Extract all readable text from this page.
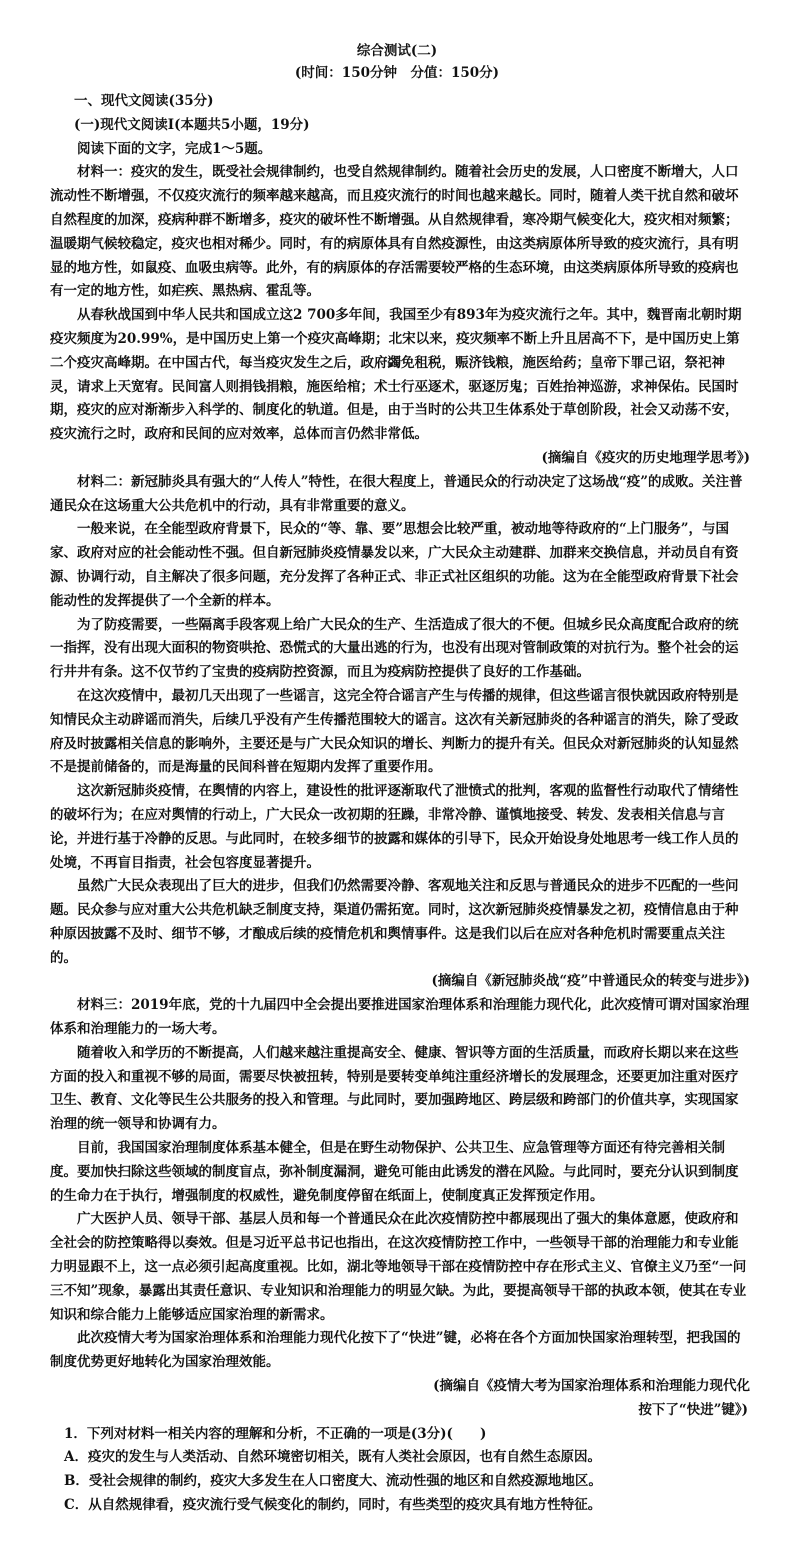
综合测试(二)
(时间：150分钟　分值：150分)

一、现代文阅读(35分)

(一)现代文阅读Ⅰ(本题共5小题，19分)

阅读下面的文字，完成1～5题。

材料一：疫灾的发生，既受社会规律制约，也受自然规律制约。随着社会历史的发展，人口密度不断增大，人口流动性不断增强，不仅疫灾流行的频率越来越高，而且疫灾流行的时间也越来越长。同时，随着人类干扰自然和破坏自然程度的加深，疫病种群不断增多，疫灾的破坏性不断增强。从自然规律看，寒冷期气候变化大，疫灾相对频繁；温暖期气候较稳定，疫灾也相对稀少。同时，有的病原体具有自然疫源性，由这类病原体所导致的疫灾流行，具有明显的地方性，如鼠疫、血吸虫病等。此外，有的病原体的存活需要较严格的生态环境，由这类病原体所导致的疫病也有一定的地方性，如疟疾、黑热病、霍乱等。

从春秋战国到中华人民共和国成立这2 700多年间，我国至少有893年为疫灾流行之年。其中，魏晋南北朝时期疫灾频度为20.99%，是中国历史上第一个疫灾高峰期；北宋以来，疫灾频率不断上升且居高不下，是中国历史上第二个疫灾高峰期。在中国古代，每当疫灾发生之后，政府蠲免租税，赈济钱粮，施医给药；皇帝下罪己诏，祭祀神灵，请求上天宽宥。民间富人则捐钱捐粮，施医给棺；术士行巫逐术，驱逐厉鬼；百姓抬神巡游，求神保佑。民国时期，疫灾的应对渐渐步入科学的、制度化的轨道。但是，由于当时的公共卫生体系处于草创阶段，社会又动荡不安，疫灾流行之时，政府和民间的应对效率，总体而言仍然非常低。

(摘编自《疫灾的历史地理学思考》)

材料二：新冠肺炎具有强大的“人传人”特性，在很大程度上，普通民众的行动决定了这场战“疫”的成败。关注普通民众在这场重大公共危机中的行动，具有非常重要的意义。

一般来说，在全能型政府背景下，民众的“等、靠、要”思想会比较严重，被动地等待政府的“上门服务”，与国家、政府对应的社会能动性不强。但自新冠肺炎疫情暴发以来，广大民众主动建群、加群来交换信息，并动员自有资源、协调行动，自主解决了很多问题，充分发挥了各种正式、非正式社区组织的功能。这为在全能型政府背景下社会能动性的发挥提供了一个全新的样本。

为了防疫需要，一些隔离手段客观上给广大民众的生产、生活造成了很大的不便。但城乡民众高度配合政府的统一指挥，没有出现大面积的物资哄抢、恐慌式的大量出逃的行为，也没有出现对管制政策的对抗行为。整个社会的运行井井有条。这不仅节约了宝贵的疫病防控资源，而且为疫病防控提供了良好的工作基础。

在这次疫情中，最初几天出现了一些谣言，这完全符合谣言产生与传播的规律，但这些谣言很快就因政府特别是知情民众主动辟谣而消失，后续几乎没有产生传播范围较大的谣言。这次有关新冠肺炎的各种谣言的消失，除了受政府及时披露相关信息的影响外，主要还是与广大民众知识的增长、判断力的提升有关。但民众对新冠肺炎的认知显然不是提前储备的，而是海量的民间科普在短期内发挥了重要作用。

这次新冠肺炎疫情，在舆情的内容上，建设性的批评逐渐取代了泄愤式的批判，客观的监督性行动取代了情绪性的破坏行为；在应对舆情的行动上，广大民众一改初期的狂躁，非常冷静、谨慎地接受、转发、发表相关信息与言论，并进行基于冷静的反思。与此同时，在较多细节的披露和媒体的引导下，民众开始设身处地思考一线工作人员的处境，不再盲目指责，社会包容度显著提升。

虽然广大民众表现出了巨大的进步，但我们仍然需要冷静、客观地关注和反思与普通民众的进步不匹配的一些问题。民众参与应对重大公共危机缺乏制度支持，渠道仍需拓宽。同时，这次新冠肺炎疫情暴发之初，疫情信息由于种种原因披露不及时、细节不够，才酿成后续的疫情危机和舆情事件。这是我们以后在应对各种危机时需要重点关注的。

(摘编自《新冠肺炎战“疫”中普通民众的转变与进步》)

材料三：2019年底，党的十九届四中全会提出要推进国家治理体系和治理能力现代化，此次疫情可谓对国家治理体系和治理能力的一场大考。

随着收入和学历的不断提高，人们越来越注重提高安全、健康、智识等方面的生活质量，而政府长期以来在这些方面的投入和重视不够的局面，需要尽快被扭转，特别是要转变单纯注重经济增长的发展理念，还要更加注重对医疗卫生、教育、文化等民生公共服务的投入和管理。与此同时，要加强跨地区、跨层级和跨部门的价值共享，实现国家治理的统一领导和协调有力。

目前，我国国家治理制度体系基本健全，但是在野生动物保护、公共卫生、应急管理等方面还有待完善相关制度。要加快扫除这些领域的制度盲点，弥补制度漏洞，避免可能由此诱发的潜在风险。与此同时，要充分认识到制度的生命力在于执行，增强制度的权威性，避免制度停留在纸面上，使制度真正发挥预定作用。

广大医护人员、领导干部、基层人员和每一个普通民众在此次疫情防控中都展现出了强大的集体意愿，使政府和全社会的防控策略得以奏效。但是习近平总书记也指出，在这次疫情防控工作中，一些领导干部的治理能力和专业能力明显跟不上，这一点必须引起高度重视。比如，湖北等地领导干部在疫情防控中存在形式主义、官僚主义乃至“一问三不知”现象，暴露出其责任意识、专业知识和治理能力的明显欠缺。为此，要提高领导干部的执政本领，使其在专业知识和综合能力上能够适应国家治理的新需求。

此次疫情大考为国家治理体系和治理能力现代化按下了“快进”键，必将在各个方面加快国家治理转型，把我国的制度优势更好地转化为国家治理效能。

(摘编自《疫情大考为国家治理体系和治理能力现代化

按下了“快进”键》)

1．下列对材料一相关内容的理解和分析，不正确的一项是(3分)(　　)

A．疫灾的发生与人类活动、自然环境密切相关，既有人类社会原因，也有自然生态原因。

B．受社会规律的制约，疫灾大多发生在人口密度大、流动性强的地区和自然疫源地地区。

C．从自然规律看，疫灾流行受气候变化的制约，同时，有些类型的疫灾具有地方性特征。
